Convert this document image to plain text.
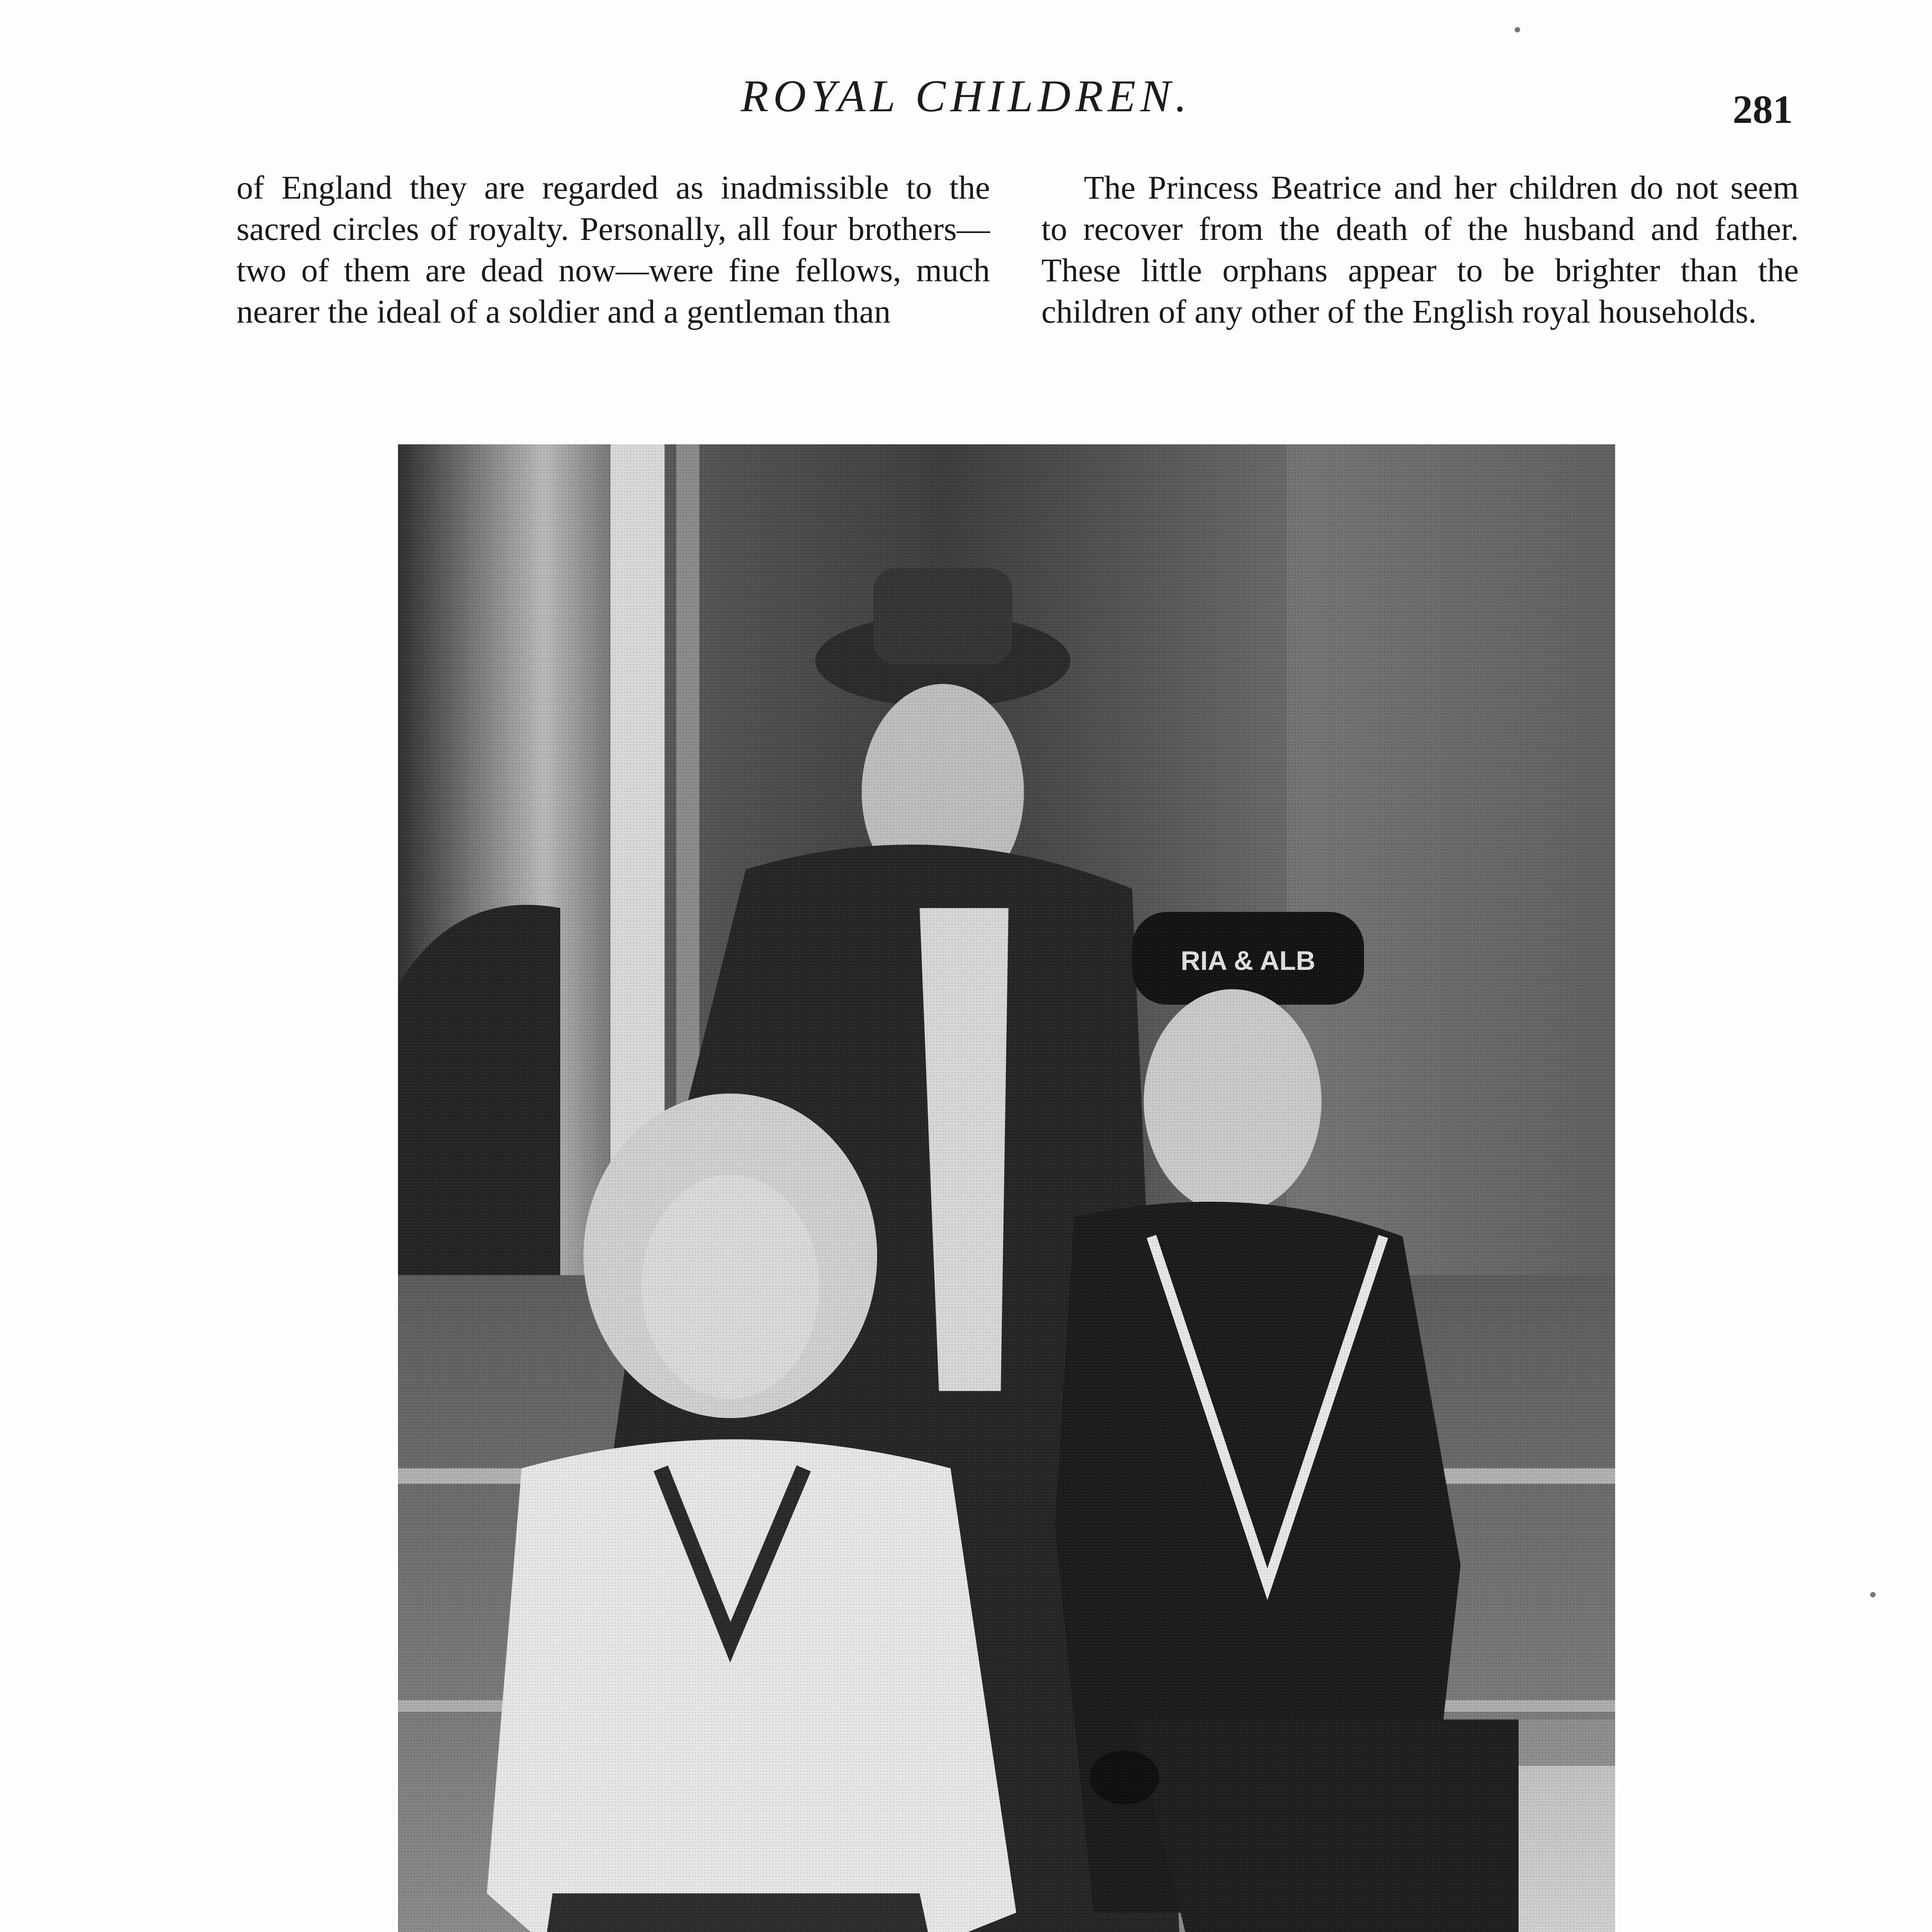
ROYAL CHILDREN.	281

of England they are regarded as inadmissible to the sacred circles of royalty. Personally, all four brothers—two of them are dead now—were fine fellows, much nearer the ideal of a soldier and a gentleman than

The Princess Beatrice and her children do not seem to recover from the death of the husband and father. These little orphans appear to be brighter than the children of any other of the English royal households.
